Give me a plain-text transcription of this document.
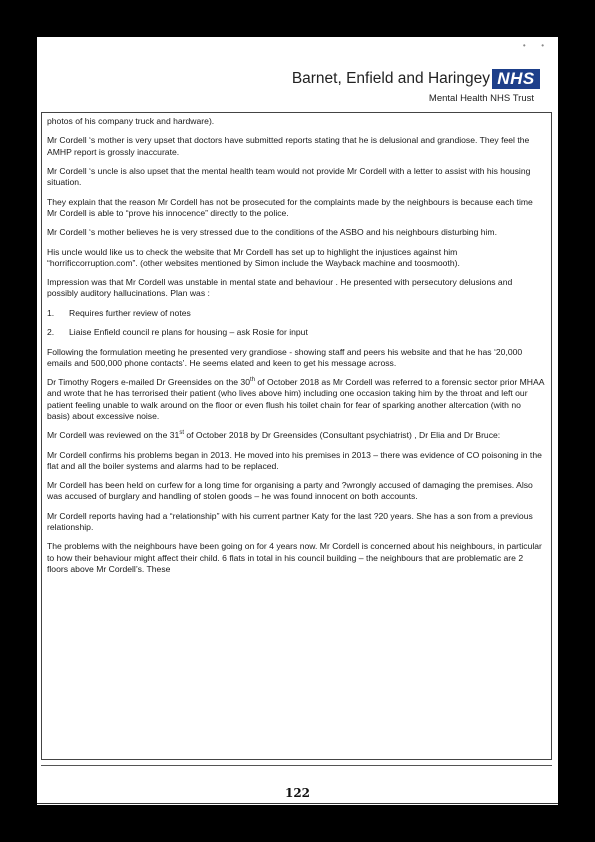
•       •
Barnet, Enfield and Haringey NHS
Mental Health NHS Trust

photos of his company truck and hardware).

Mr Cordell ‘s mother is very upset that doctors have submitted reports stating that he is delusional and grandiose. They feel the AMHP report is grossly inaccurate.

Mr Cordell ‘s uncle is also upset that the mental health team would not provide Mr Cordell with a letter to assist with his housing situation.

They explain that the reason Mr Cordell has not be prosecuted for the complaints made by the neighbours is because each time Mr Cordell is able to “prove his innocence” directly to the police.

Mr Cordell ‘s mother believes he is very stressed due to the conditions of the ASBO and his neighbours disturbing him.

His uncle would like us to check the website that Mr Cordell has set up to highlight the injustices against him “horrificcorruption.com”. (other websites mentioned by Simon include the Wayback machine and toosmooth).

Impression was that Mr Cordell was unstable in mental state and behaviour . He presented with persecutory delusions and possibly auditory hallucinations. Plan was :

1.	Requires further review of notes
2.	Liaise Enfield council re plans for housing – ask Rosie for input

Following the formulation meeting he presented very grandiose - showing staff and peers his website and that he has ‘20,000 emails and 500,000 phone contacts’. He seems elated and keen to get his message across.

Dr Timothy Rogers e-mailed Dr Greensides on the 30th of October 2018 as Mr Cordell was referred to a forensic sector prior MHAA and wrote that he has terrorised their patient (who lives above him) including one occasion taking him by the throat and left our patient feeling unable to walk around on the floor or even flush his toilet chain for fear of sparking another altercation (with no basis) about excessive noise.

Mr Cordell was reviewed on the 31st of October 2018 by Dr Greensides (Consultant psychiatrist) , Dr Elia and Dr Bruce:

Mr Cordell confirms his problems began in 2013. He moved into his premises in 2013 – there was evidence of CO poisoning in the flat and all the boiler systems and alarms had to be replaced.

Mr Cordell has been held on curfew for a long time for organising a party and ?wrongly accused of damaging the premises. Also was accused of burglary and handling of stolen goods – he was found innocent on both accounts.

Mr Cordell reports having had a “relationship” with his current partner Katy for the last ?20 years. She has a son from a previous relationship.

The problems with the neighbours have been going on for 4 years now. Mr Cordell is concerned about his neighbours, in particular to how their behaviour might affect their child. 6 flats in total in his council building – the neighbours that are problematic are 2 floors above Mr Cordell’s. These

122
